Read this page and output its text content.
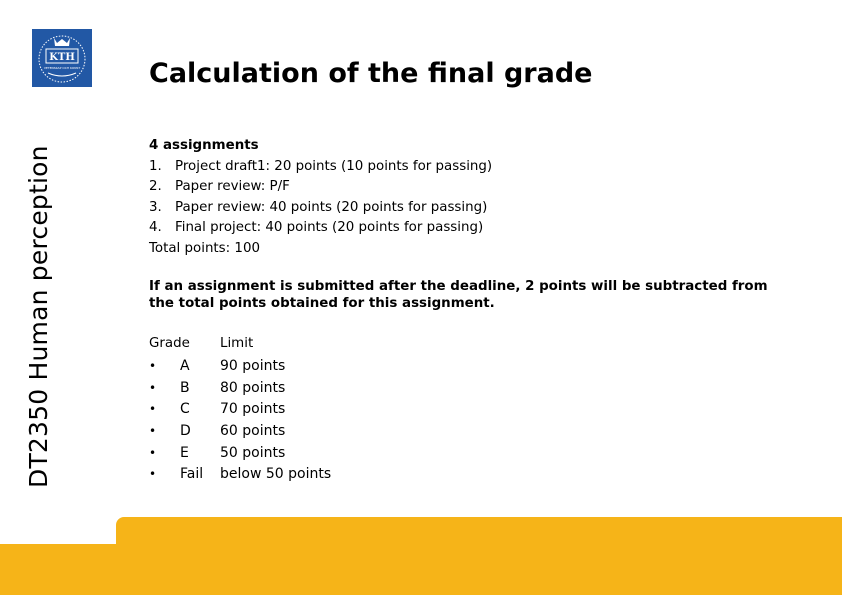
KTH
VETENSKAP OCH KONST
DT2350 Human perception
Calculation of the final grade
4 assignments
1. Project draft1: 20 points (10 points for passing)
2. Paper review: P/F
3. Paper review: 40 points (20 points for passing)
4. Final project: 40 points (20 points for passing)
Total points: 100
If an assignment is submitted after the deadline, 2 points will be subtracted from the total points obtained for this assignment.
Grade Limit
• A 90 points
• B 80 points
• C 70 points
• D 60 points
• E 50 points
• Fail below 50 points
